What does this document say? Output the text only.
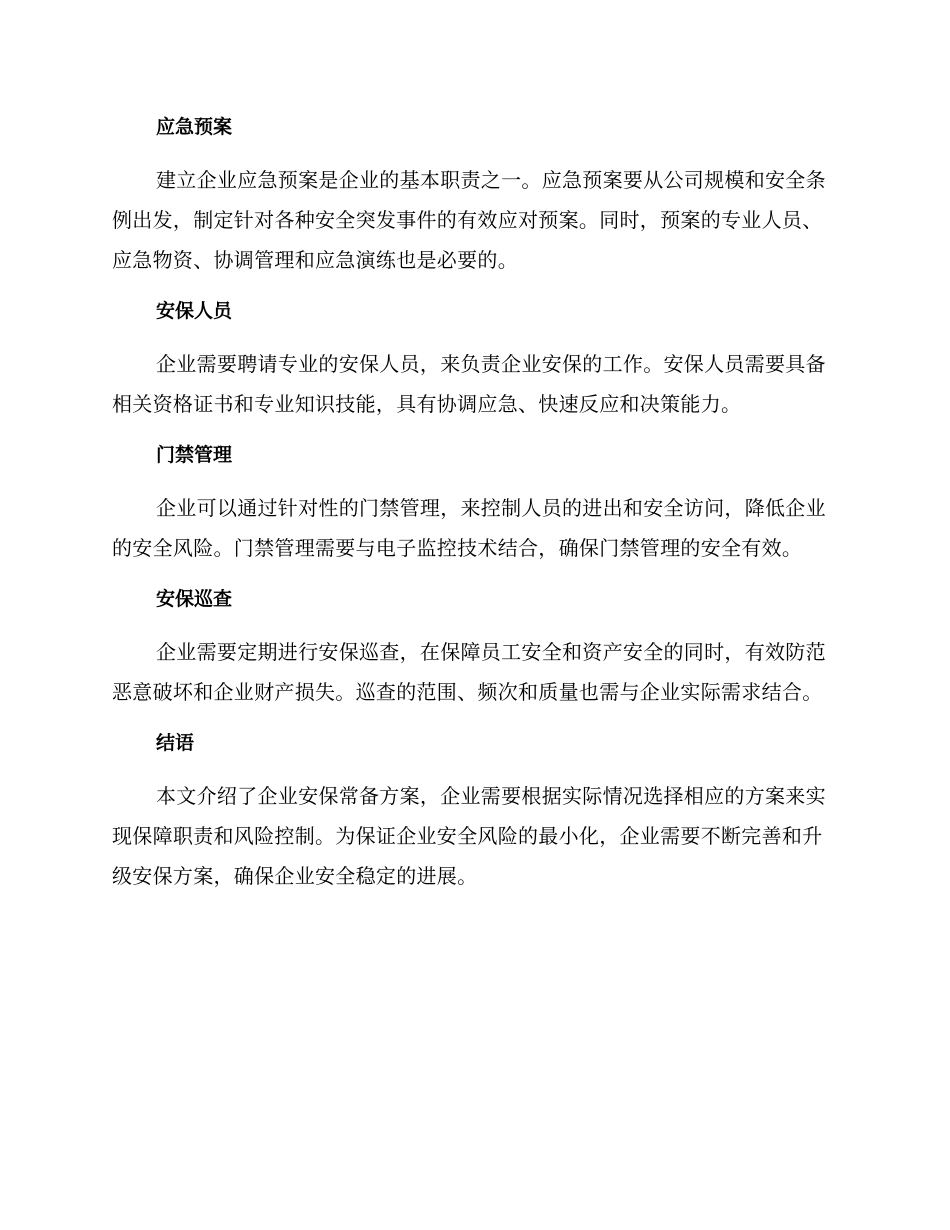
应急预案

建立企业应急预案是企业的基本职责之一。应急预案要从公司规模和安全条例出发，制定针对各种安全突发事件的有效应对预案。同时，预案的专业人员、应急物资、协调管理和应急演练也是必要的。

安保人员

企业需要聘请专业的安保人员，来负责企业安保的工作。安保人员需要具备相关资格证书和专业知识技能，具有协调应急、快速反应和决策能力。

门禁管理

企业可以通过针对性的门禁管理，来控制人员的进出和安全访问，降低企业的安全风险。门禁管理需要与电子监控技术结合，确保门禁管理的安全有效。

安保巡查

企业需要定期进行安保巡查，在保障员工安全和资产安全的同时，有效防范恶意破坏和企业财产损失。巡查的范围、频次和质量也需与企业实际需求结合。

结语

本文介绍了企业安保常备方案，企业需要根据实际情况选择相应的方案来实现保障职责和风险控制。为保证企业安全风险的最小化，企业需要不断完善和升级安保方案，确保企业安全稳定的进展。
